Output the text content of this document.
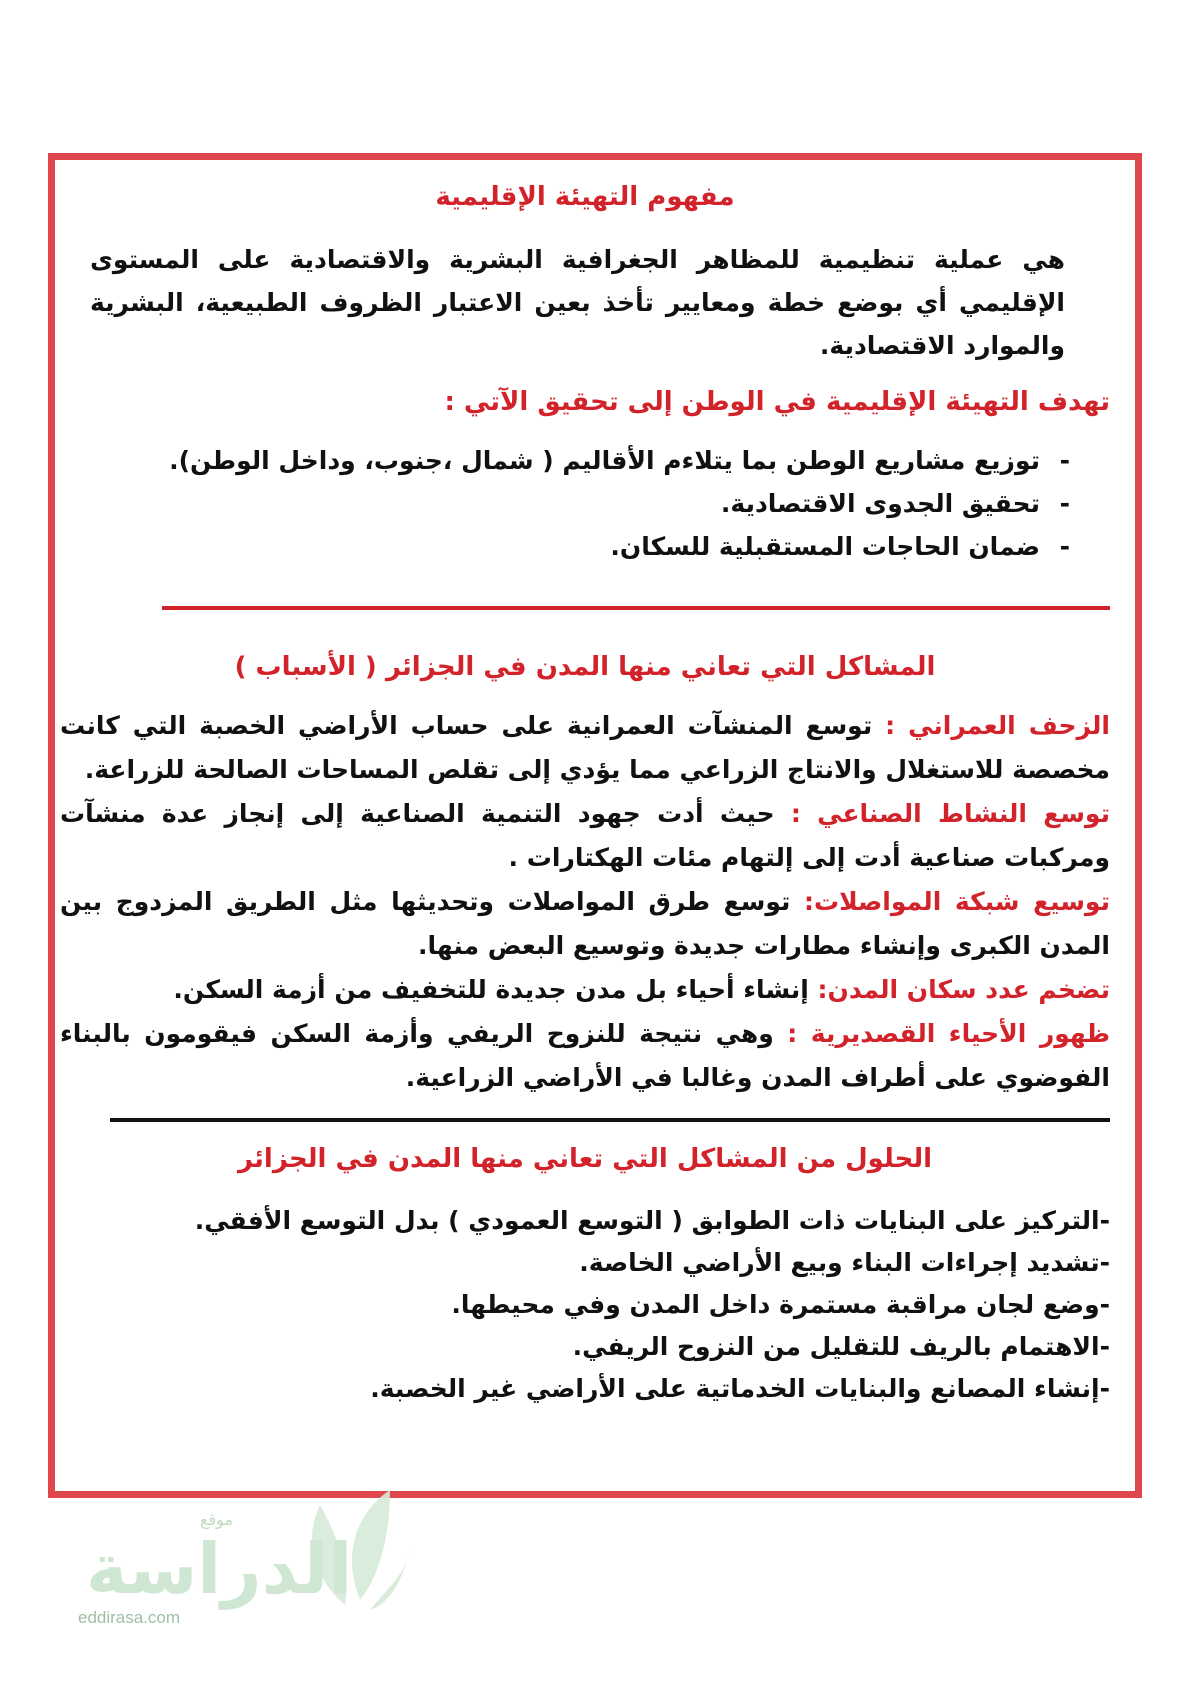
مفهوم التهيئة الإقليمية
هي عملية تنظيمية للمظاهر الجغرافية البشرية والاقتصادية على المستوى الإقليمي أي بوضع خطة ومعايير تأخذ بعين الاعتبار الظروف الطبيعية، البشرية والموارد الاقتصادية.
تهدف التهيئة الإقليمية في الوطن إلى تحقيق الآتي :
-توزيع مشاريع الوطن بما يتلاءم الأقاليم ( شمال ،جنوب، وداخل الوطن).
-تحقيق الجدوى الاقتصادية.
-ضمان الحاجات المستقبلية للسكان.
المشاكل التي تعاني منها المدن في الجزائر ( الأسباب )
الزحف العمراني : توسع المنشآت العمرانية على حساب الأراضي الخصبة التي كانت مخصصة للاستغلال والانتاج الزراعي مما يؤدي إلى تقلص المساحات الصالحة للزراعة.
توسع النشاط الصناعي : حيث أدت جهود التنمية الصناعية إلى إنجاز عدة منشآت ومركبات صناعية أدت إلى إلتهام مئات الهكتارات .
توسيع شبكة المواصلات: توسع طرق المواصلات وتحديثها مثل الطريق المزدوج بين المدن الكبرى وإنشاء مطارات جديدة وتوسيع البعض منها.
تضخم عدد سكان المدن: إنشاء أحياء بل مدن جديدة للتخفيف من أزمة السكن.
ظهور الأحياء القصديرية : وهي نتيجة للنزوح الريفي وأزمة السكن فيقومون بالبناء الفوضوي على أطراف المدن وغالبا في الأراضي الزراعية.
الحلول من المشاكل التي تعاني منها المدن في الجزائر
-التركيز على البنايات ذات الطوابق ( التوسع العمودي ) بدل التوسع الأفقي.
-تشديد إجراءات البناء وبيع الأراضي الخاصة.
-وضع لجان مراقبة مستمرة داخل المدن وفي محيطها.
-الاهتمام بالريف للتقليل من النزوح الريفي.
-إنشاء المصانع والبنايات الخدماتية على الأراضي غير الخصبة.
موقع
الدراسة
eddirasa.com
